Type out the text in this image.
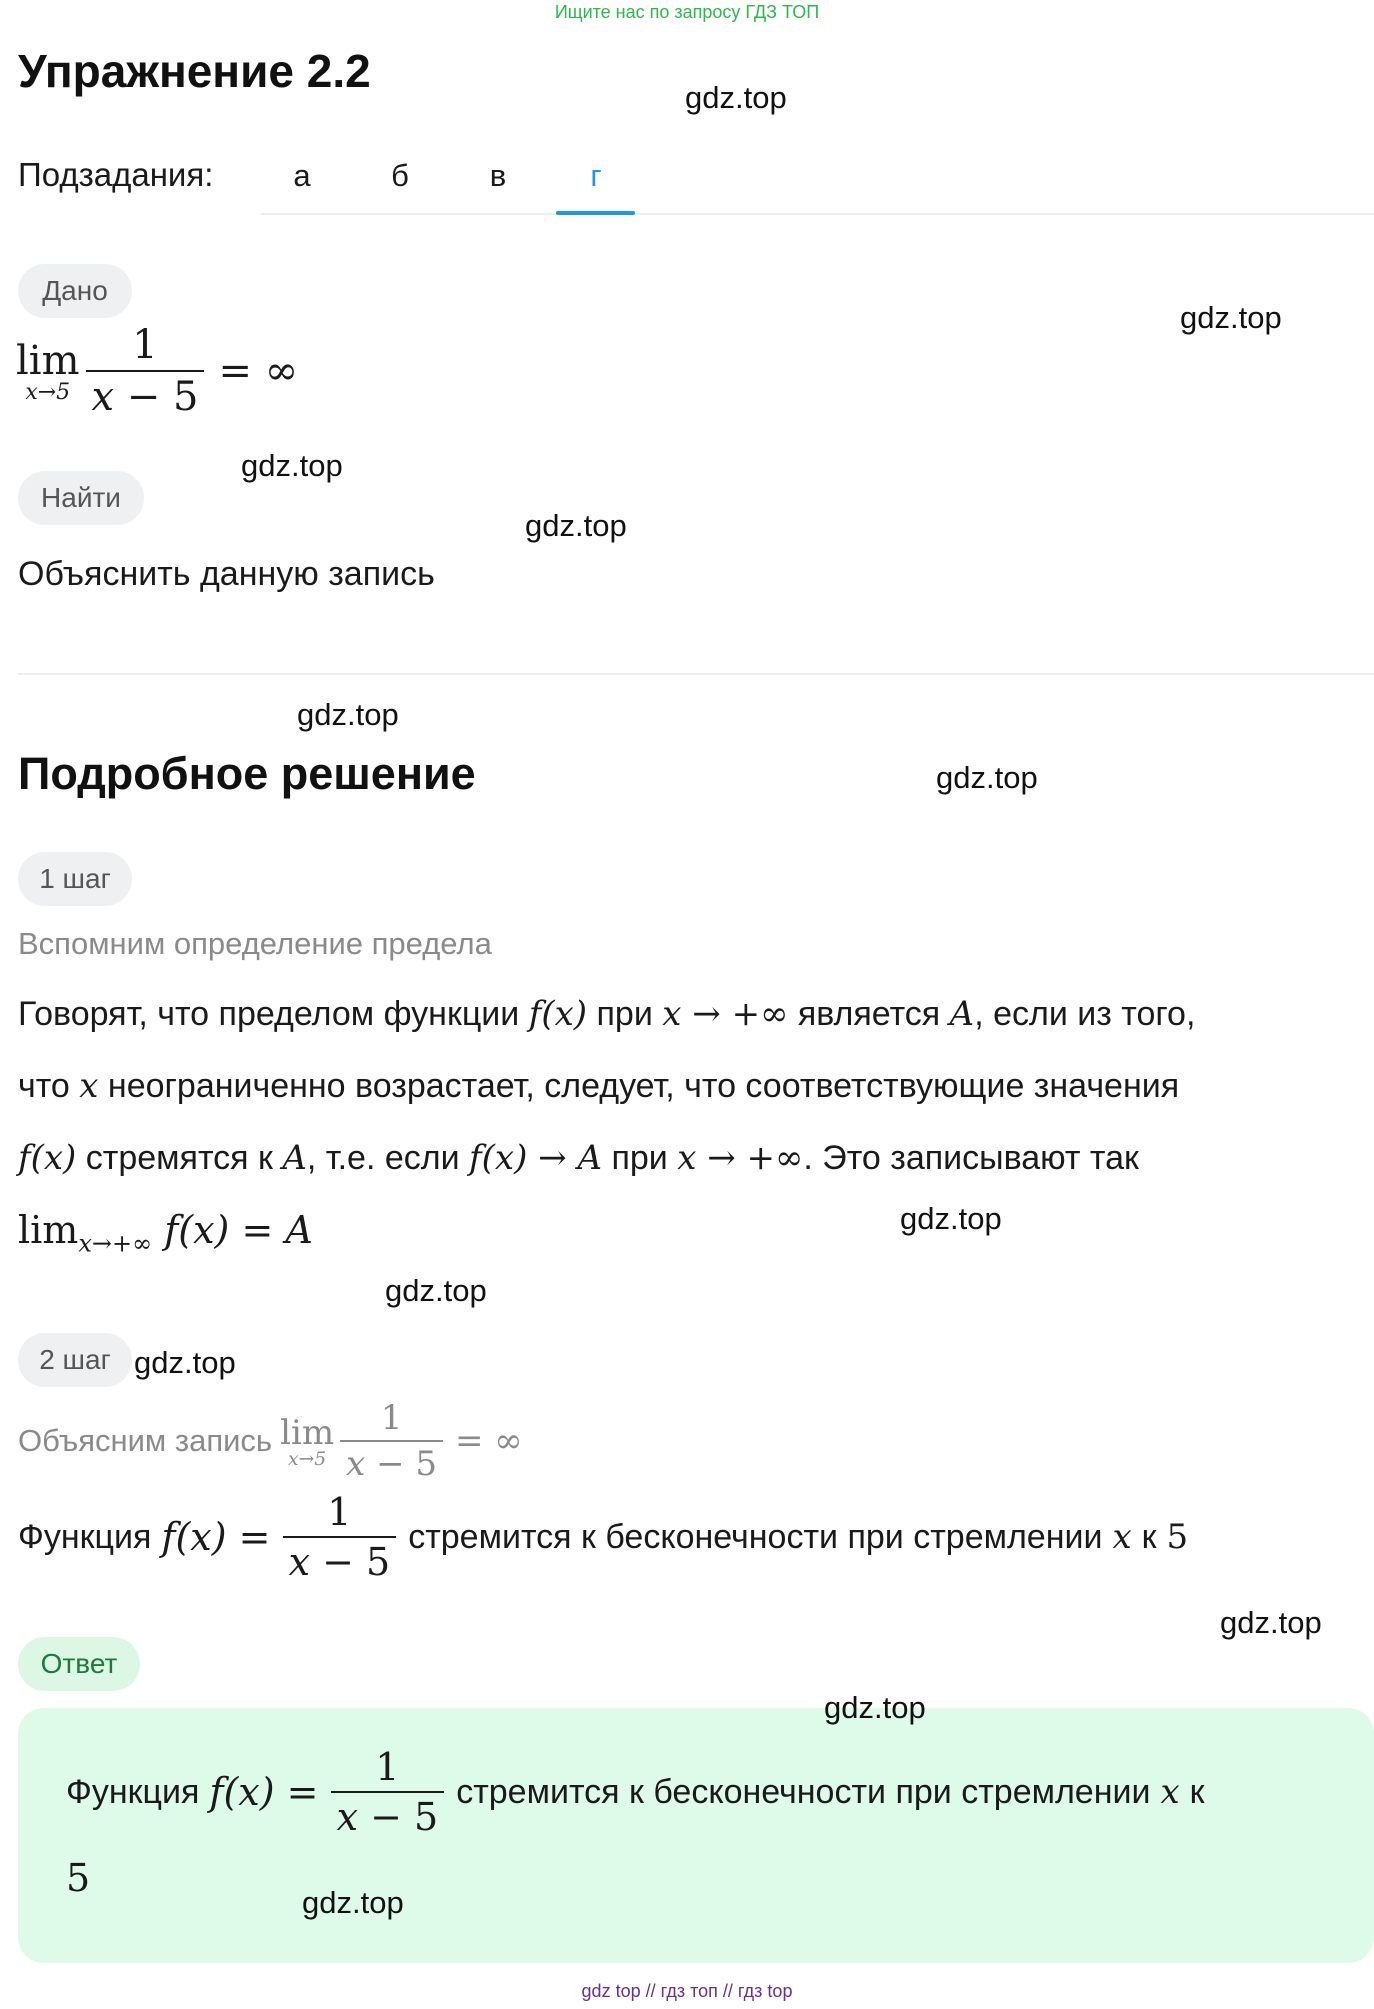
Ищите нас по запросу ГДЗ ТОП
Упражнение 2.2
Подзадания:	а	б	в	г
Дано
lim
$x\to 5 \frac{1}{x - 5}$ = ∞
Найти
Объяснить данную запись
Подробное решение
1 шаг
Вспомним определение предела
Говорят, что пределом функции f(x) при x → +∞ является A, если из того,
что x неограниченно возрастает, следует, что соответствующие значения
f(x) стремятся к A, т.е. если f(x) → A при x → +∞. Это записывают так
$\lim_{x\to+\infty} f(x) = A$
2 шаг
Объясним запись lim
$x\to 5 \frac{1}{x - 5}$ = ∞
Функция f $(x) = \frac{1}{x - 5}$ стремится к бесконечности при стремлении x к 5
Ответ
Функция f $(x) = \frac{1}{x - 5}$ стремится к бесконечности при стремлении x к
5
gdz.top
gdz.top
gdz.top
gdz.top
gdz.top
gdz.top
gdz.top
gdz.top
gdz.top
gdz.top
gdz.top
gdz.top
gdz top // гдз топ // гдз top
